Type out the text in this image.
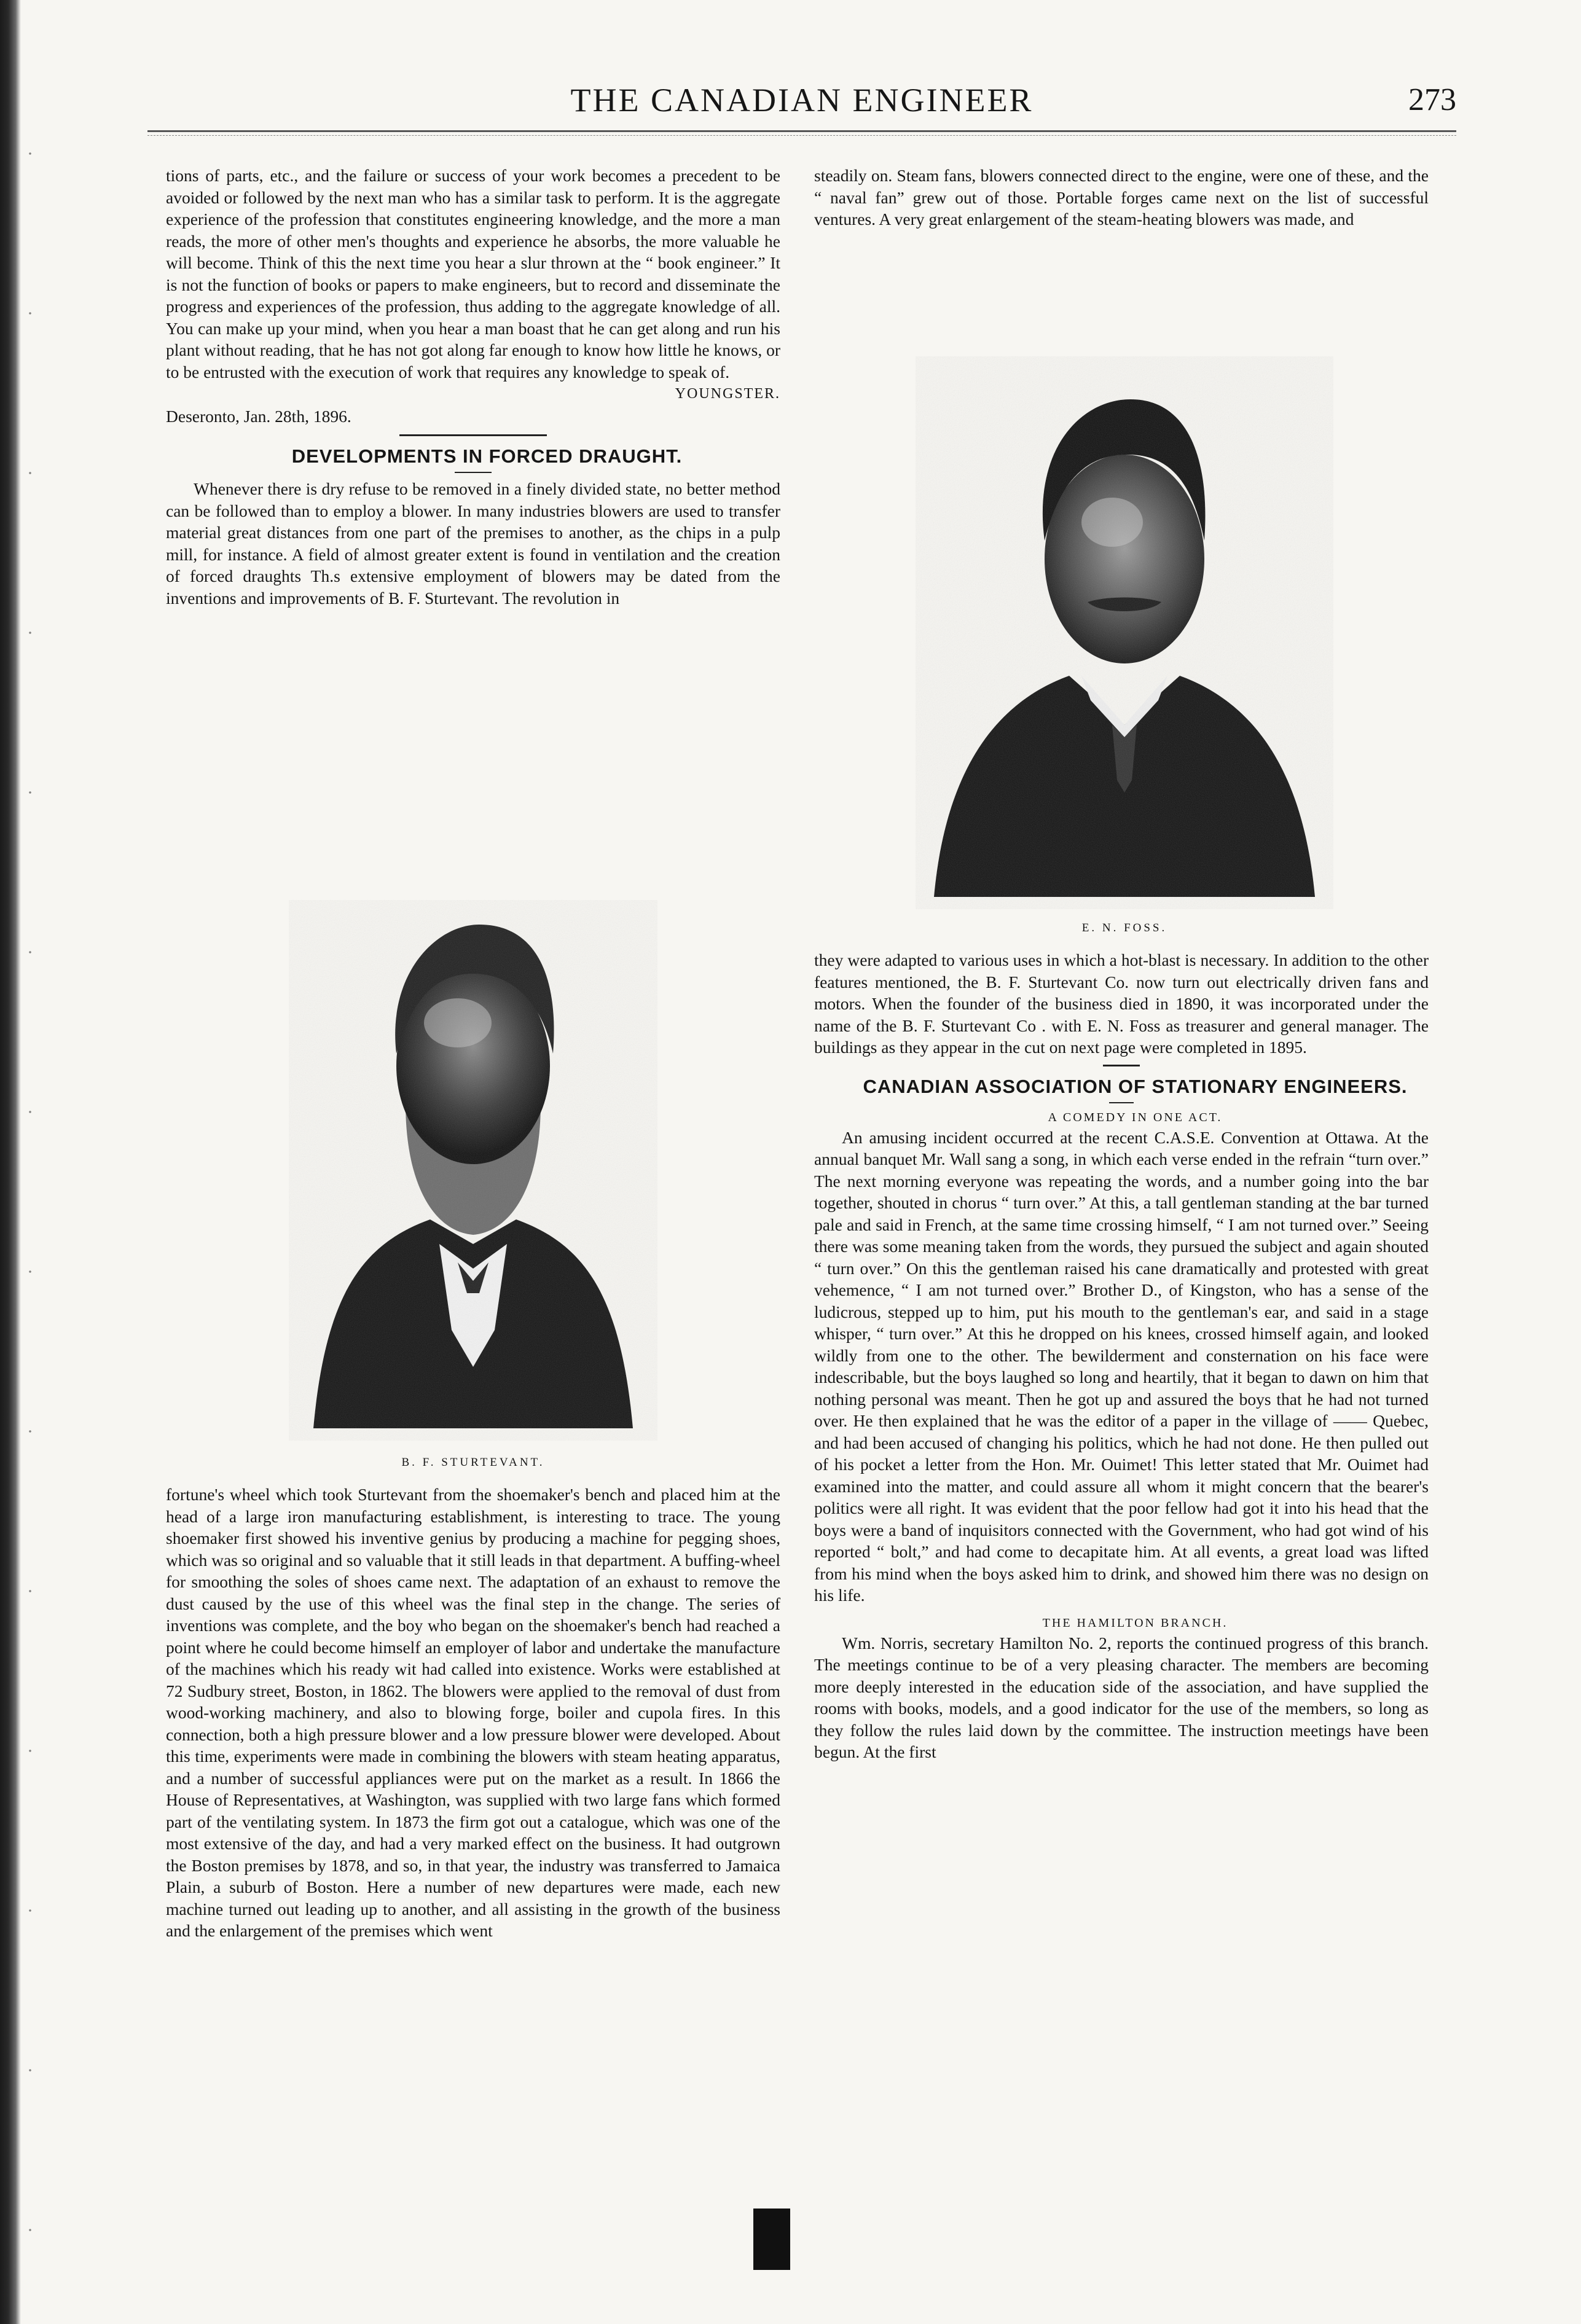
THE CANADIAN ENGINEER	273

tions of parts, etc., and the failure or success of your work becomes a precedent to be avoided or followed by the next man who has a similar task to perform. It is the aggregate experience of the profession that constitutes engineering knowledge, and the more a man reads, the more of other men's thoughts and experience he absorbs, the more valuable he will become. Think of this the next time you hear a slur thrown at the “ book engineer.” It is not the function of books or papers to make engineers, but to record and disseminate the progress and experiences of the profession, thus adding to the aggregate knowledge of all. You can make up your mind, when you hear a man boast that he can get along and run his plant without reading, that he has not got along far enough to know how little he knows, or to be entrusted with the execution of work that requires any knowledge to speak of.

YOUNGSTER.

Deseronto, Jan. 28th, 1896.

DEVELOPMENTS IN FORCED DRAUGHT.

Whenever there is dry refuse to be removed in a finely divided state, no better method can be followed than to employ a blower. In many industries blowers are used to transfer material great distances from one part of the premises to another, as the chips in a pulp mill, for instance. A field of almost greater extent is found in ventilation and the creation of forced draughts Th.s extensive employment of blowers may be dated from the inventions and improvements of B. F. Sturtevant. The revolution in

B. F. STURTEVANT.

fortune's wheel which took Sturtevant from the shoemaker's bench and placed him at the head of a large iron manufacturing establishment, is interesting to trace. The young shoemaker first showed his inventive genius by producing a machine for pegging shoes, which was so original and so valuable that it still leads in that department. A buffing-wheel for smoothing the soles of shoes came next. The adaptation of an exhaust to remove the dust caused by the use of this wheel was the final step in the change. The series of inventions was complete, and the boy who began on the shoemaker's bench had reached a point where he could become himself an employer of labor and undertake the manufacture of the machines which his ready wit had called into existence. Works were established at 72 Sudbury street, Boston, in 1862. The blowers were applied to the removal of dust from wood-working machinery, and also to blowing forge, boiler and cupola fires. In this connection, both a high pressure blower and a low pressure blower were developed. About this time, experiments were made in combining the blowers with steam heating apparatus, and a number of successful appliances were put on the market as a result. In 1866 the House of Representatives, at Washington, was supplied with two large fans which formed part of the ventilating system. In 1873 the firm got out a catalogue, which was one of the most extensive of the day, and had a very marked effect on the business. It had outgrown the Boston premises by 1878, and so, in that year, the industry was transferred to Jamaica Plain, a suburb of Boston. Here a number of new departures were made, each new machine turned out leading up to another, and all assisting in the growth of the business and the enlargement of the premises which went

steadily on. Steam fans, blowers connected direct to the engine, were one of these, and the “ naval fan” grew out of those. Portable forges came next on the list of successful ventures. A very great enlargement of the steam-heating blowers was made, and

E. N. FOSS.

they were adapted to various uses in which a hot-blast is necessary. In addition to the other features mentioned, the B. F. Sturtevant Co. now turn out electrically driven fans and motors. When the founder of the business died in 1890, it was incorporated under the name of the B. F. Sturtevant Co . with E. N. Foss as treasurer and general manager. The buildings as they appear in the cut on next page were completed in 1895.

CANADIAN ASSOCIATION OF STATIONARY ENGINEERS.

A COMEDY IN ONE ACT.

An amusing incident occurred at the recent C.A.S.E. Convention at Ottawa. At the annual banquet Mr. Wall sang a song, in which each verse ended in the refrain “turn over.” The next morning everyone was repeating the words, and a number going into the bar together, shouted in chorus “ turn over.” At this, a tall gentleman standing at the bar turned pale and said in French, at the same time crossing himself, “ I am not turned over.” Seeing there was some meaning taken from the words, they pursued the subject and again shouted “ turn over.” On this the gentleman raised his cane dramatically and protested with great vehemence, “ I am not turned over.” Brother D., of Kingston, who has a sense of the ludicrous, stepped up to him, put his mouth to the gentleman's ear, and said in a stage whisper, “ turn over.” At this he dropped on his knees, crossed himself again, and looked wildly from one to the other. The bewilderment and consternation on his face were indescribable, but the boys laughed so long and heartily, that it began to dawn on him that nothing personal was meant. Then he got up and assured the boys that he had not turned over. He then explained that he was the editor of a paper in the village of —— Quebec, and had been accused of changing his politics, which he had not done. He then pulled out of his pocket a letter from the Hon. Mr. Ouimet! This letter stated that Mr. Ouimet had examined into the matter, and could assure all whom it might concern that the bearer's politics were all right. It was evident that the poor fellow had got it into his head that the boys were a band of inquisitors connected with the Government, who had got wind of his reported “ bolt,” and had come to decapitate him. At all events, a great load was lifted from his mind when the boys asked him to drink, and showed him there was no design on his life.

THE HAMILTON BRANCH.

Wm. Norris, secretary Hamilton No. 2, reports the continued progress of this branch. The meetings continue to be of a very pleasing character. The members are becoming more deeply interested in the education side of the association, and have supplied the rooms with books, models, and a good indicator for the use of the members, so long as they follow the rules laid down by the committee. The instruction meetings have been begun. At the first
